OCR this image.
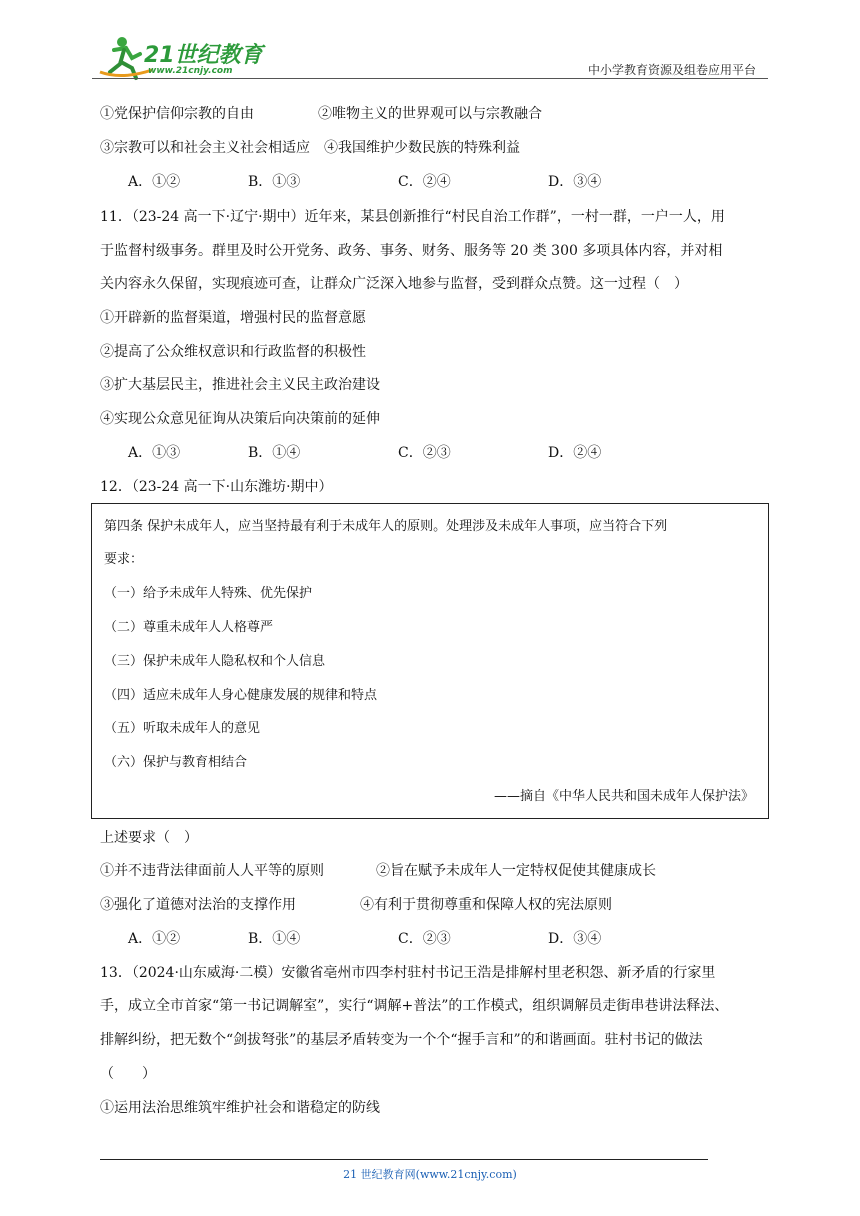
21世纪教育
www.21cnjy.com	中小学教育资源及组卷应用平台
①党保护信仰宗教的自由	②唯物主义的世界观可以与宗教融合
③宗教可以和社会主义社会相适应　④我国维护少数民族的特殊利益
A．①②	B．①③	C．②④	D．③④
11．（23-24 高一下·辽宁·期中）近年来，某县创新推行“村民自治工作群”，一村一群，一户一人，用
于监督村级事务。群里及时公开党务、政务、事务、财务、服务等 20 类 300 多项具体内容，并对相
关内容永久保留，实现痕迹可查，让群众广泛深入地参与监督，受到群众点赞。这一过程（　）
①开辟新的监督渠道，增强村民的监督意愿
②提高了公众维权意识和行政监督的积极性
③扩大基层民主，推进社会主义民主政治建设
④实现公众意见征询从决策后向决策前的延伸
A．①③	B．①④	C．②③	D．②④
12．（23-24 高一下·山东潍坊·期中）
第四条 保护未成年人，应当坚持最有利于未成年人的原则。处理涉及未成年人事项，应当符合下列
要求：
（一）给予未成年人特殊、优先保护
（二）尊重未成年人人格尊严
（三）保护未成年人隐私权和个人信息
（四）适应未成年人身心健康发展的规律和特点
（五）听取未成年人的意见
（六）保护与教育相结合
——摘自《中华人民共和国未成年人保护法》
上述要求（　）
①并不违背法律面前人人平等的原则	②旨在赋予未成年人一定特权促使其健康成长
③强化了道德对法治的支撑作用	④有利于贯彻尊重和保障人权的宪法原则
A．①②	B．①④	C．②③	D．③④
13．（2024·山东威海·二模）安徽省亳州市四李村驻村书记王浩是排解村里老积怨、新矛盾的行家里
手，成立全市首家“第一书记调解室”，实行“调解+普法”的工作模式，组织调解员走街串巷讲法释法、
排解纠纷，把无数个“剑拔弩张”的基层矛盾转变为一个个“握手言和”的和谐画面。驻村书记的做法
（　　）
①运用法治思维筑牢维护社会和谐稳定的防线
21 世纪教育网(www.21cnjy.com)
